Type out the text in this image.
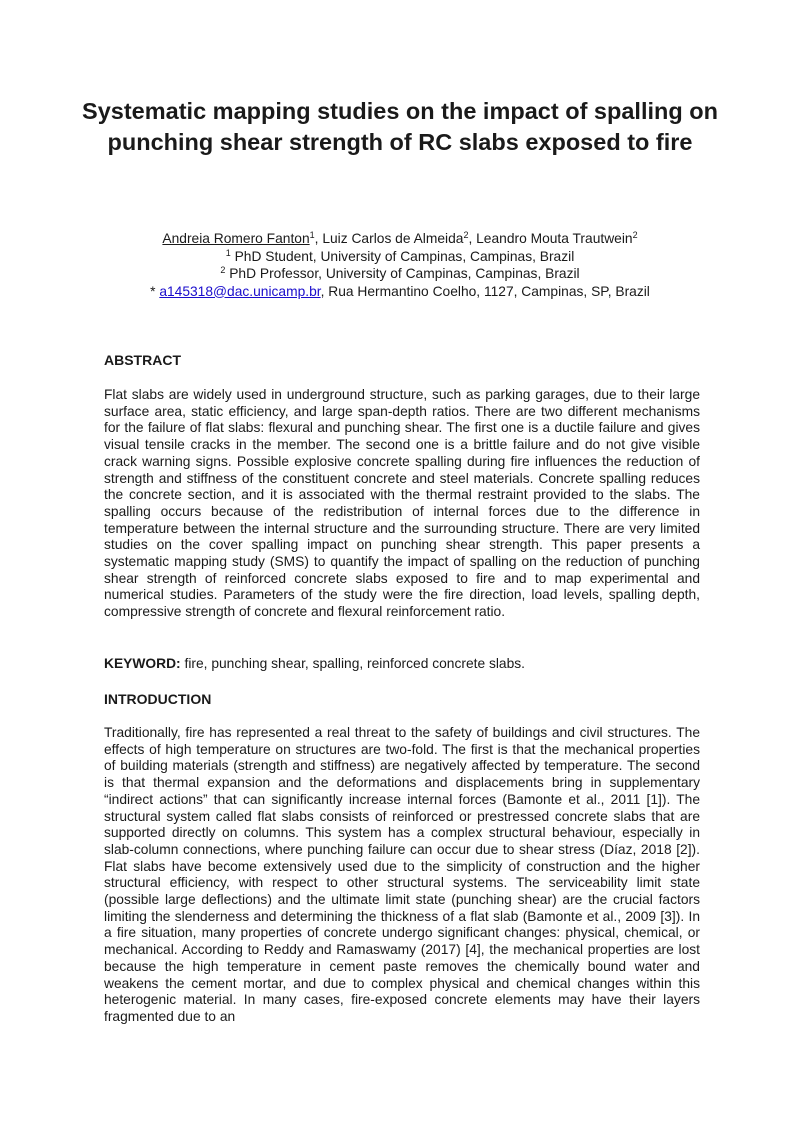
Systematic mapping studies on the impact of spalling on punching shear strength of RC slabs exposed to fire
Andreia Romero Fanton$^1$, Luiz Carlos de Almeida$^2$, Leandro Mouta Trautwein$^2$
$^1$ PhD Student, University of Campinas, Campinas, Brazil
$^2$ PhD Professor, University of Campinas, Campinas, Brazil
* a145318@dac.unicamp.br, Rua Hermantino Coelho, 1127, Campinas, SP, Brazil
ABSTRACT

Flat slabs are widely used in underground structure, such as parking garages, due to their large surface area, static efficiency, and large span-depth ratios. There are two different mechanisms for the failure of flat slabs: flexural and punching shear. The first one is a ductile failure and gives visual tensile cracks in the member. The second one is a brittle failure and do not give visible crack warning signs. Possible explosive concrete spalling during fire influences the reduction of strength and stiffness of the constituent concrete and steel materials. Concrete spalling reduces the concrete section, and it is associated with the thermal restraint provided to the slabs. The spalling occurs because of the redistribution of internal forces due to the difference in temperature between the internal structure and the surrounding structure. There are very limited studies on the cover spalling impact on punching shear strength. This paper presents a systematic mapping study (SMS) to quantify the impact of spalling on the reduction of punching shear strength of reinforced concrete slabs exposed to fire and to map experimental and numerical studies. Parameters of the study were the fire direction, load levels, spalling depth, compressive strength of concrete and flexural reinforcement ratio.

KEYWORD: fire, punching shear, spalling, reinforced concrete slabs.

INTRODUCTION

Traditionally, fire has represented a real threat to the safety of buildings and civil structures. The effects of high temperature on structures are two-fold. The first is that the mechanical properties of building materials (strength and stiffness) are negatively affected by temperature. The second is that thermal expansion and the deformations and displacements bring in supplementary “indirect actions” that can significantly increase internal forces (Bamonte et al., 2011 [1]). The structural system called flat slabs consists of reinforced or prestressed concrete slabs that are supported directly on columns. This system has a complex structural behaviour, especially in slab-column connections, where punching failure can occur due to shear stress (Díaz, 2018 [2]). Flat slabs have become extensively used due to the simplicity of construction and the higher structural efficiency, with respect to other structural systems. The serviceability limit state (possible large deflections) and the ultimate limit state (punching shear) are the crucial factors limiting the slenderness and determining the thickness of a flat slab (Bamonte et al., 2009 [3]). In a fire situation, many properties of concrete undergo significant changes: physical, chemical, or mechanical. According to Reddy and Ramaswamy (2017) [4], the mechanical properties are lost because the high temperature in cement paste removes the chemically bound water and weakens the cement mortar, and due to complex physical and chemical changes within this heterogenic material. In many cases, fire-exposed concrete elements may have their layers fragmented due to an
